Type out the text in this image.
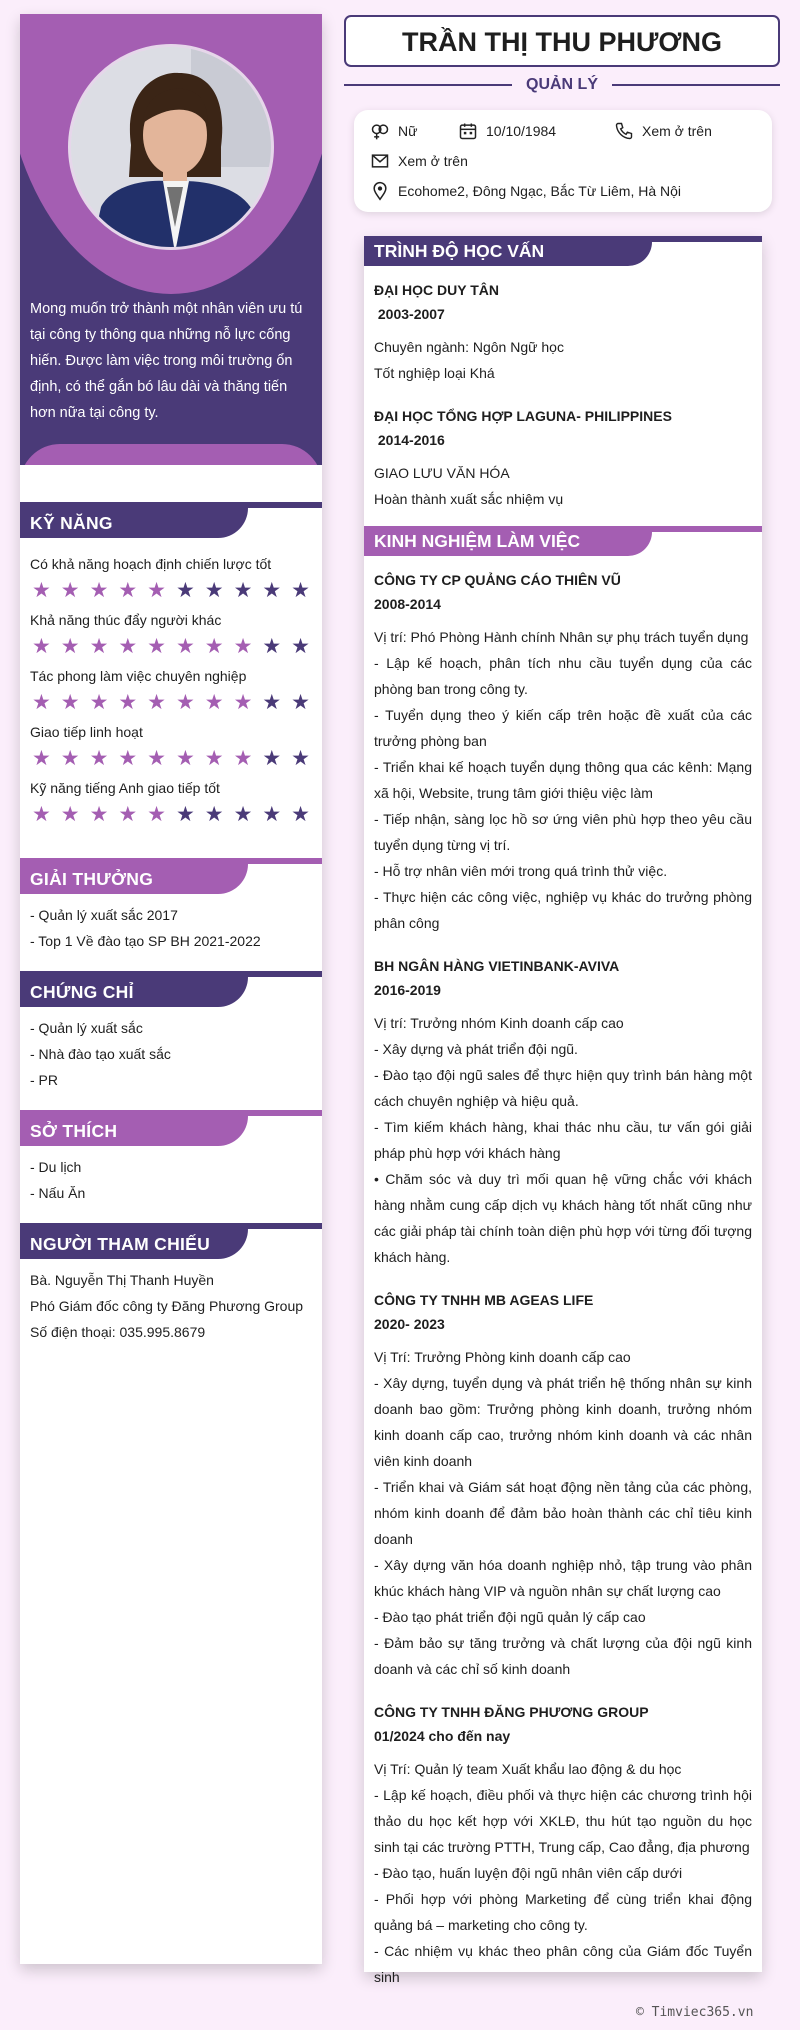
Mong muốn trở thành một nhân viên ưu tú tại công ty thông qua những nỗ lực cống hiến. Được làm việc trong môi trường ổn định, có thể gắn bó lâu dài và thăng tiến hơn nữa tại công ty.
KỸ NĂNG
Có khả năng hoạch định chiến lược tốt
★ ★ ★ ★ ★ ★ ★ ★ ★ ★
Khả năng thúc đẩy người khác
★ ★ ★ ★ ★ ★ ★ ★ ★ ★
Tác phong làm việc chuyên nghiệp
★ ★ ★ ★ ★ ★ ★ ★ ★ ★
Giao tiếp linh hoạt
★ ★ ★ ★ ★ ★ ★ ★ ★ ★
Kỹ năng tiếng Anh giao tiếp tốt
★ ★ ★ ★ ★ ★ ★ ★ ★ ★
GIẢI THƯỞNG
- Quản lý xuất sắc 2017
- Top 1 Về đào tạo SP BH 2021-2022
CHỨNG CHỈ
- Quản lý xuất sắc
- Nhà đào tạo xuất sắc
- PR
SỞ THÍCH
- Du lịch
- Nấu Ăn
NGƯỜI THAM CHIẾU
Bà. Nguyễn Thị Thanh Huyền
Phó Giám đốc công ty Đăng Phương Group
Số điện thoại: 035.995.8679
TRẦN THỊ THU PHƯƠNG
QUẢN LÝ
Nữ	10/10/1984	Xem ở trên
Xem ở trên
Ecohome2, Đông Ngạc, Bắc Từ Liêm, Hà Nội
TRÌNH ĐỘ HỌC VẤN
ĐẠI HỌC DUY TÂN
2003-2007
Chuyên ngành: Ngôn Ngữ học
Tốt nghiệp loại Khá
ĐẠI HỌC TỔNG HỢP LAGUNA- PHILIPPINES
2014-2016
GIAO LƯU VĂN HÓA
Hoàn thành xuất sắc nhiệm vụ
KINH NGHIỆM LÀM VIỆC
CÔNG TY CP QUẢNG CÁO THIÊN VŨ
2008-2014
Vị trí: Phó Phòng Hành chính Nhân sự phụ trách tuyển dụng
- Lập kế hoạch, phân tích nhu cầu tuyển dụng của các phòng ban trong công ty.
- Tuyển dụng theo ý kiến cấp trên hoặc đề xuất của các trưởng phòng ban
- Triển khai kế hoạch tuyển dụng thông qua các kênh: Mạng xã hội, Website, trung tâm giới thiệu việc làm
- Tiếp nhận, sàng lọc hồ sơ ứng viên phù hợp theo yêu cầu tuyển dụng từng vị trí.
- Hỗ trợ nhân viên mới trong quá trình thử việc.
- Thực hiện các công việc, nghiệp vụ khác do trưởng phòng phân công
BH NGÂN HÀNG VIETINBANK-AVIVA
2016-2019
Vị trí: Trưởng nhóm Kinh doanh cấp cao
- Xây dựng và phát triển đội ngũ.
- Đào tạo đội ngũ sales để thực hiện quy trình bán hàng một cách chuyên nghiệp và hiệu quả.
- Tìm kiếm khách hàng, khai thác nhu cầu, tư vấn gói giải pháp phù hợp với khách hàng
• Chăm sóc và duy trì mối quan hệ vững chắc với khách hàng nhằm cung cấp dịch vụ khách hàng tốt nhất cũng như các giải pháp tài chính toàn diện phù hợp với từng đối tượng khách hàng.
CÔNG TY TNHH MB AGEAS LIFE
2020- 2023
Vị Trí: Trưởng Phòng kinh doanh cấp cao
- Xây dựng, tuyển dụng và phát triển hệ thống nhân sự kinh doanh bao gồm: Trưởng phòng kinh doanh, trưởng nhóm kinh doanh cấp cao, trưởng nhóm kinh doanh và các nhân viên kinh doanh
- Triển khai và Giám sát hoạt động nền tảng của các phòng, nhóm kinh doanh để đảm bảo hoàn thành các chỉ tiêu kinh doanh
- Xây dựng văn hóa doanh nghiệp nhỏ, tập trung vào phân khúc khách hàng VIP và nguồn nhân sự chất lượng cao
- Đào tạo phát triển đội ngũ quản lý cấp cao
- Đảm bảo sự tăng trưởng và chất lượng của đội ngũ kinh doanh và các chỉ số kinh doanh
CÔNG TY TNHH ĐĂNG PHƯƠNG GROUP
01/2024 cho đến nay
Vị Trí: Quản lý team Xuất khẩu lao động & du học
- Lập kế hoạch, điều phối và thực hiện các chương trình hội thảo du học kết hợp với XKLĐ, thu hút tạo nguồn du học sinh tại các trường PTTH, Trung cấp, Cao đẳng, địa phương
- Đào tạo, huấn luyện đội ngũ nhân viên cấp dưới
- Phối hợp với phòng Marketing để cùng triển khai động quảng bá – marketing cho công ty.
- Các nhiệm vụ khác theo phân công của Giám đốc Tuyển sinh
© Timviec365.vn
